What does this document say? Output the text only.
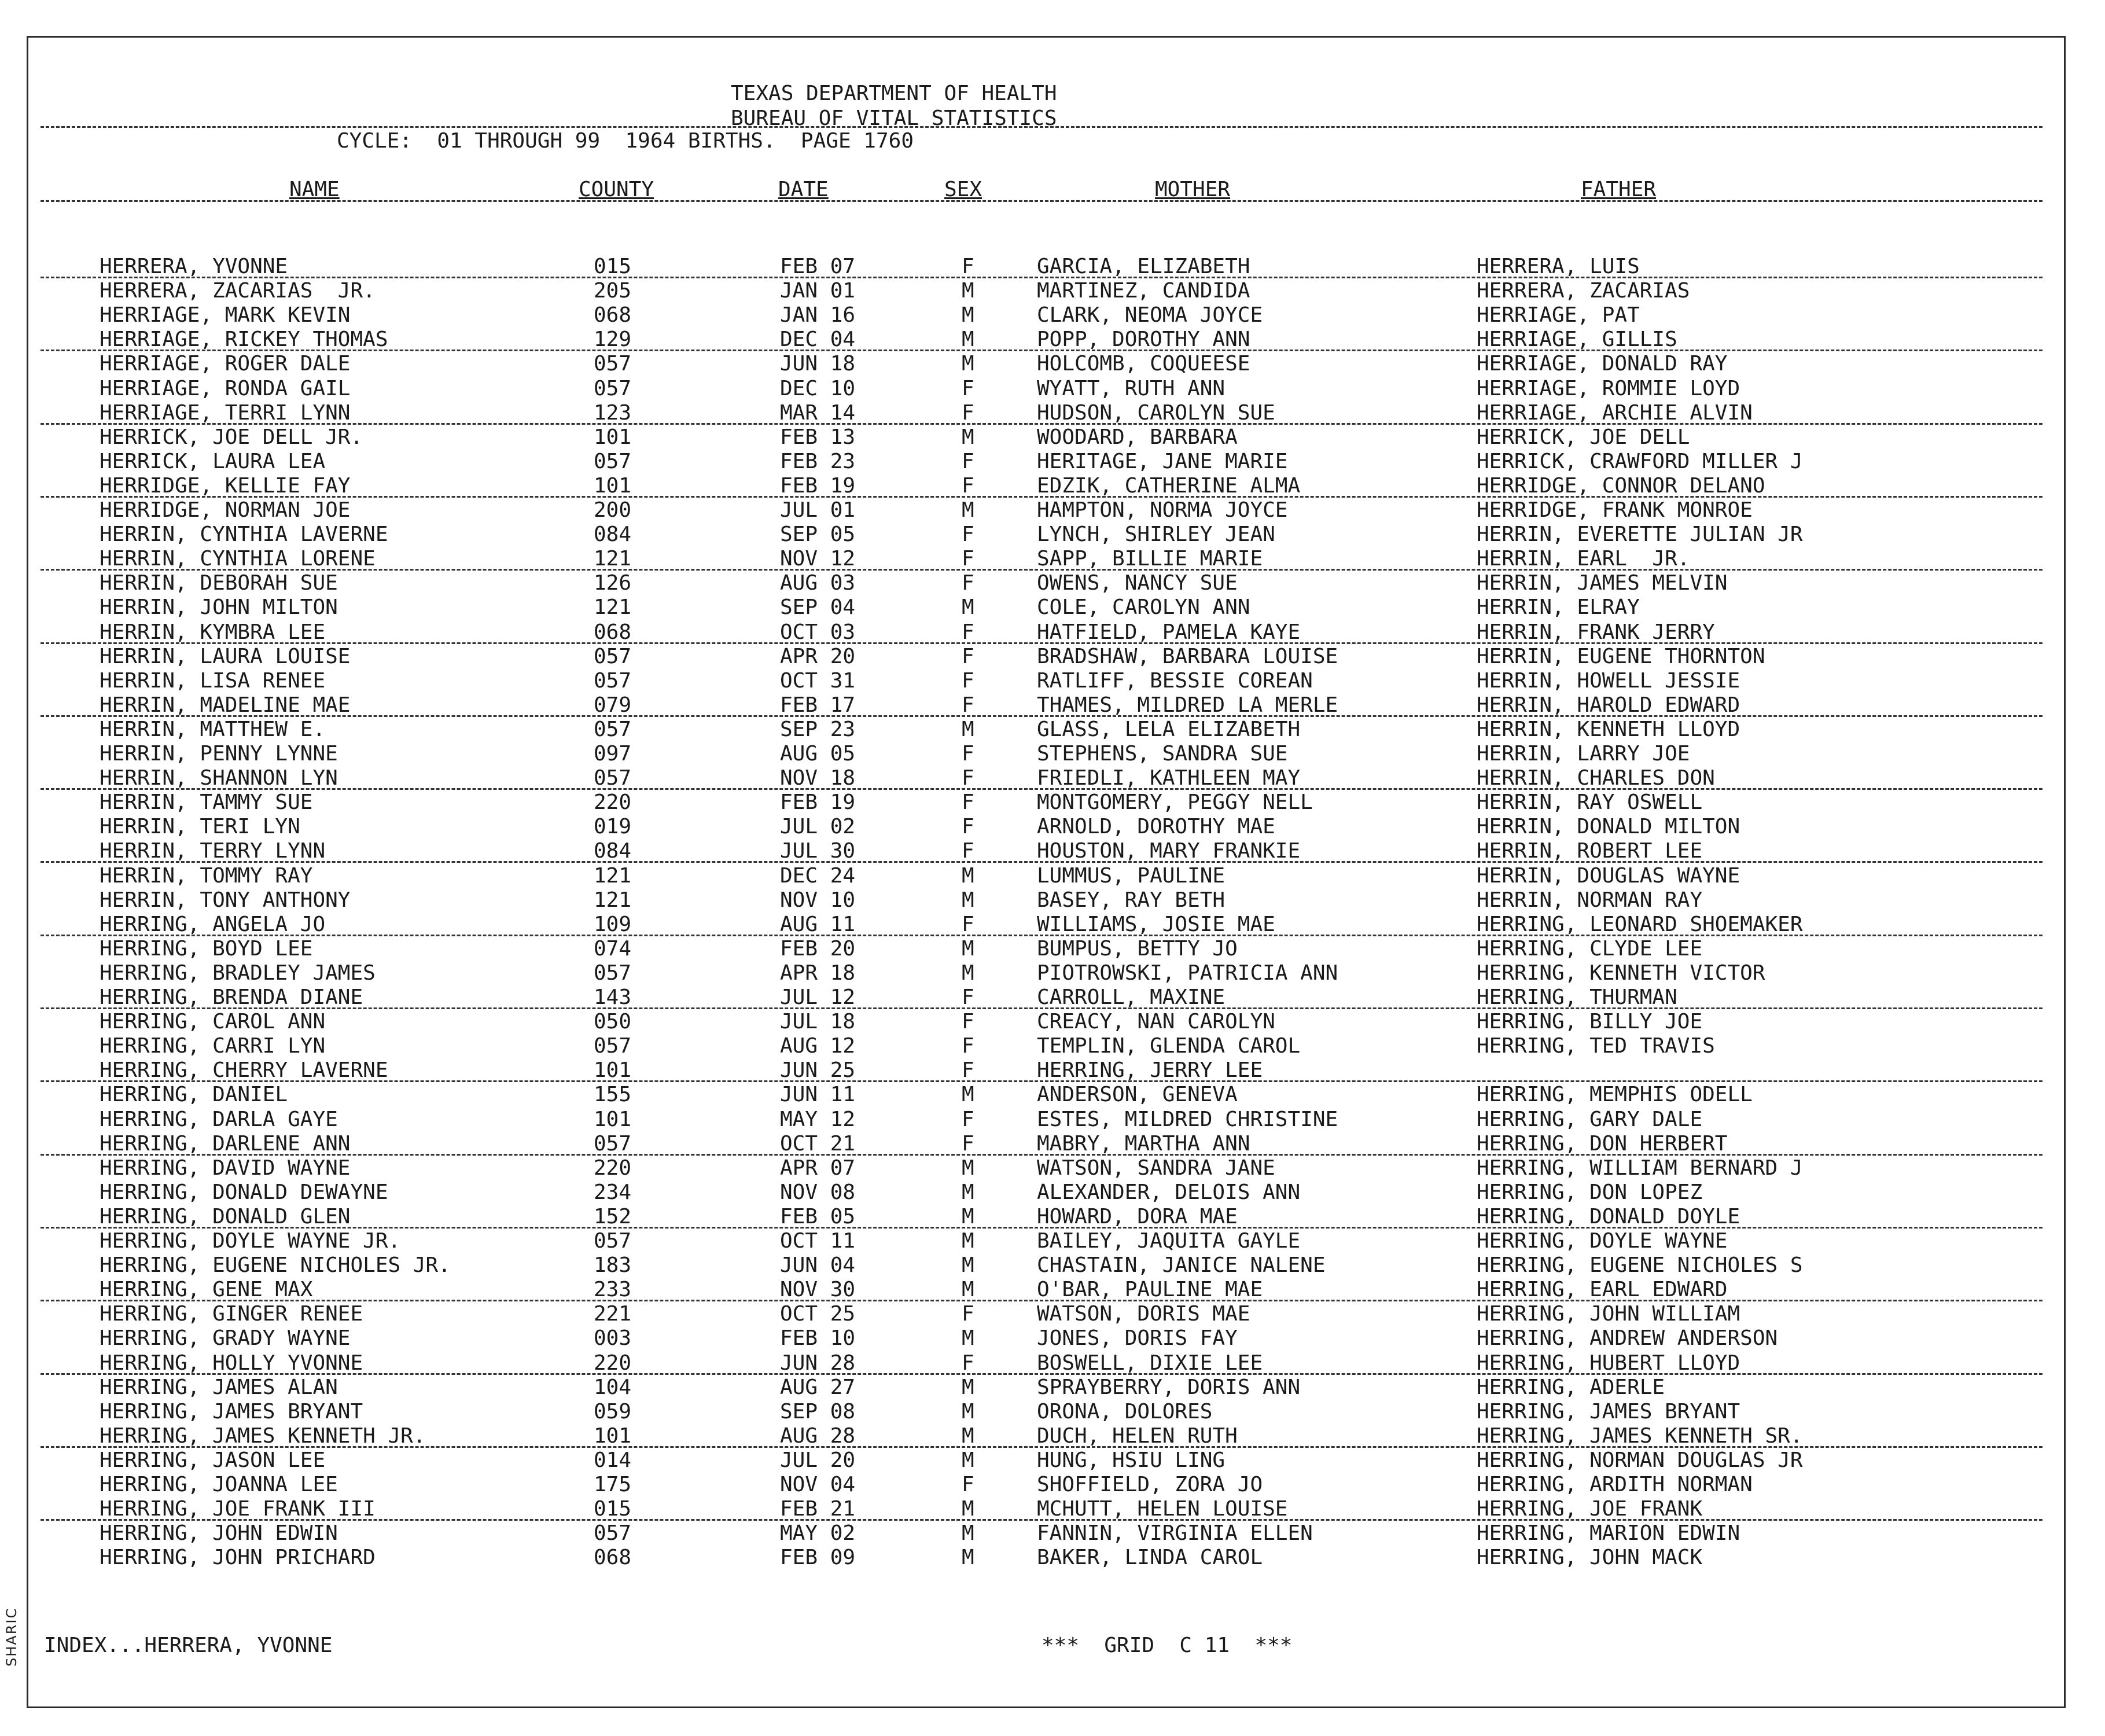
SHARIC
TEXAS DEPARTMENT OF HEALTH
BUREAU OF VITAL STATISTICS
CYCLE:  01 THROUGH 99  1964 BIRTHS.  PAGE 1760
NAME	COUNTY	DATE	SEX	MOTHER	FATHER
HERRERA, YVONNE	015	FEB 07	F	GARCIA, ELIZABETH	HERRERA, LUIS
HERRERA, ZACARIAS  JR.	205	JAN 01	M	MARTINEZ, CANDIDA	HERRERA, ZACARIAS
HERRIAGE, MARK KEVIN	068	JAN 16	M	CLARK, NEOMA JOYCE	HERRIAGE, PAT
HERRIAGE, RICKEY THOMAS	129	DEC 04	M	POPP, DOROTHY ANN	HERRIAGE, GILLIS
HERRIAGE, ROGER DALE	057	JUN 18	M	HOLCOMB, COQUEESE	HERRIAGE, DONALD RAY
HERRIAGE, RONDA GAIL	057	DEC 10	F	WYATT, RUTH ANN	HERRIAGE, ROMMIE LOYD
HERRIAGE, TERRI LYNN	123	MAR 14	F	HUDSON, CAROLYN SUE	HERRIAGE, ARCHIE ALVIN
HERRICK, JOE DELL JR.	101	FEB 13	M	WOODARD, BARBARA	HERRICK, JOE DELL
HERRICK, LAURA LEA	057	FEB 23	F	HERITAGE, JANE MARIE	HERRICK, CRAWFORD MILLER J
HERRIDGE, KELLIE FAY	101	FEB 19	F	EDZIK, CATHERINE ALMA	HERRIDGE, CONNOR DELANO
HERRIDGE, NORMAN JOE	200	JUL 01	M	HAMPTON, NORMA JOYCE	HERRIDGE, FRANK MONROE
HERRIN, CYNTHIA LAVERNE	084	SEP 05	F	LYNCH, SHIRLEY JEAN	HERRIN, EVERETTE JULIAN JR
HERRIN, CYNTHIA LORENE	121	NOV 12	F	SAPP, BILLIE MARIE	HERRIN, EARL  JR.
HERRIN, DEBORAH SUE	126	AUG 03	F	OWENS, NANCY SUE	HERRIN, JAMES MELVIN
HERRIN, JOHN MILTON	121	SEP 04	M	COLE, CAROLYN ANN	HERRIN, ELRAY
HERRIN, KYMBRA LEE	068	OCT 03	F	HATFIELD, PAMELA KAYE	HERRIN, FRANK JERRY
HERRIN, LAURA LOUISE	057	APR 20	F	BRADSHAW, BARBARA LOUISE	HERRIN, EUGENE THORNTON
HERRIN, LISA RENEE	057	OCT 31	F	RATLIFF, BESSIE COREAN	HERRIN, HOWELL JESSIE
HERRIN, MADELINE MAE	079	FEB 17	F	THAMES, MILDRED LA MERLE	HERRIN, HAROLD EDWARD
HERRIN, MATTHEW E.	057	SEP 23	M	GLASS, LELA ELIZABETH	HERRIN, KENNETH LLOYD
HERRIN, PENNY LYNNE	097	AUG 05	F	STEPHENS, SANDRA SUE	HERRIN, LARRY JOE
HERRIN, SHANNON LYN	057	NOV 18	F	FRIEDLI, KATHLEEN MAY	HERRIN, CHARLES DON
HERRIN, TAMMY SUE	220	FEB 19	F	MONTGOMERY, PEGGY NELL	HERRIN, RAY OSWELL
HERRIN, TERI LYN	019	JUL 02	F	ARNOLD, DOROTHY MAE	HERRIN, DONALD MILTON
HERRIN, TERRY LYNN	084	JUL 30	F	HOUSTON, MARY FRANKIE	HERRIN, ROBERT LEE
HERRIN, TOMMY RAY	121	DEC 24	M	LUMMUS, PAULINE	HERRIN, DOUGLAS WAYNE
HERRIN, TONY ANTHONY	121	NOV 10	M	BASEY, RAY BETH	HERRIN, NORMAN RAY
HERRING, ANGELA JO	109	AUG 11	F	WILLIAMS, JOSIE MAE	HERRING, LEONARD SHOEMAKER
HERRING, BOYD LEE	074	FEB 20	M	BUMPUS, BETTY JO	HERRING, CLYDE LEE
HERRING, BRADLEY JAMES	057	APR 18	M	PIOTROWSKI, PATRICIA ANN	HERRING, KENNETH VICTOR
HERRING, BRENDA DIANE	143	JUL 12	F	CARROLL, MAXINE	HERRING, THURMAN
HERRING, CAROL ANN	050	JUL 18	F	CREACY, NAN CAROLYN	HERRING, BILLY JOE
HERRING, CARRI LYN	057	AUG 12	F	TEMPLIN, GLENDA CAROL	HERRING, TED TRAVIS
HERRING, CHERRY LAVERNE	101	JUN 25	F	HERRING, JERRY LEE
HERRING, DANIEL	155	JUN 11	M	ANDERSON, GENEVA	HERRING, MEMPHIS ODELL
HERRING, DARLA GAYE	101	MAY 12	F	ESTES, MILDRED CHRISTINE	HERRING, GARY DALE
HERRING, DARLENE ANN	057	OCT 21	F	MABRY, MARTHA ANN	HERRING, DON HERBERT
HERRING, DAVID WAYNE	220	APR 07	M	WATSON, SANDRA JANE	HERRING, WILLIAM BERNARD J
HERRING, DONALD DEWAYNE	234	NOV 08	M	ALEXANDER, DELOIS ANN	HERRING, DON LOPEZ
HERRING, DONALD GLEN	152	FEB 05	M	HOWARD, DORA MAE	HERRING, DONALD DOYLE
HERRING, DOYLE WAYNE JR.	057	OCT 11	M	BAILEY, JAQUITA GAYLE	HERRING, DOYLE WAYNE
HERRING, EUGENE NICHOLES JR.	183	JUN 04	M	CHASTAIN, JANICE NALENE	HERRING, EUGENE NICHOLES S
HERRING, GENE MAX	233	NOV 30	M	O'BAR, PAULINE MAE	HERRING, EARL EDWARD
HERRING, GINGER RENEE	221	OCT 25	F	WATSON, DORIS MAE	HERRING, JOHN WILLIAM
HERRING, GRADY WAYNE	003	FEB 10	M	JONES, DORIS FAY	HERRING, ANDREW ANDERSON
HERRING, HOLLY YVONNE	220	JUN 28	F	BOSWELL, DIXIE LEE	HERRING, HUBERT LLOYD
HERRING, JAMES ALAN	104	AUG 27	M	SPRAYBERRY, DORIS ANN	HERRING, ADERLE
HERRING, JAMES BRYANT	059	SEP 08	M	ORONA, DOLORES	HERRING, JAMES BRYANT
HERRING, JAMES KENNETH JR.	101	AUG 28	M	DUCH, HELEN RUTH	HERRING, JAMES KENNETH SR.
HERRING, JASON LEE	014	JUL 20	M	HUNG, HSIU LING	HERRING, NORMAN DOUGLAS JR
HERRING, JOANNA LEE	175	NOV 04	F	SHOFFIELD, ZORA JO	HERRING, ARDITH NORMAN
HERRING, JOE FRANK III	015	FEB 21	M	MCHUTT, HELEN LOUISE	HERRING, JOE FRANK
HERRING, JOHN EDWIN	057	MAY 02	M	FANNIN, VIRGINIA ELLEN	HERRING, MARION EDWIN
HERRING, JOHN PRICHARD	068	FEB 09	M	BAKER, LINDA CAROL	HERRING, JOHN MACK
INDEX...HERRERA, YVONNE	***  GRID  C 11  ***
